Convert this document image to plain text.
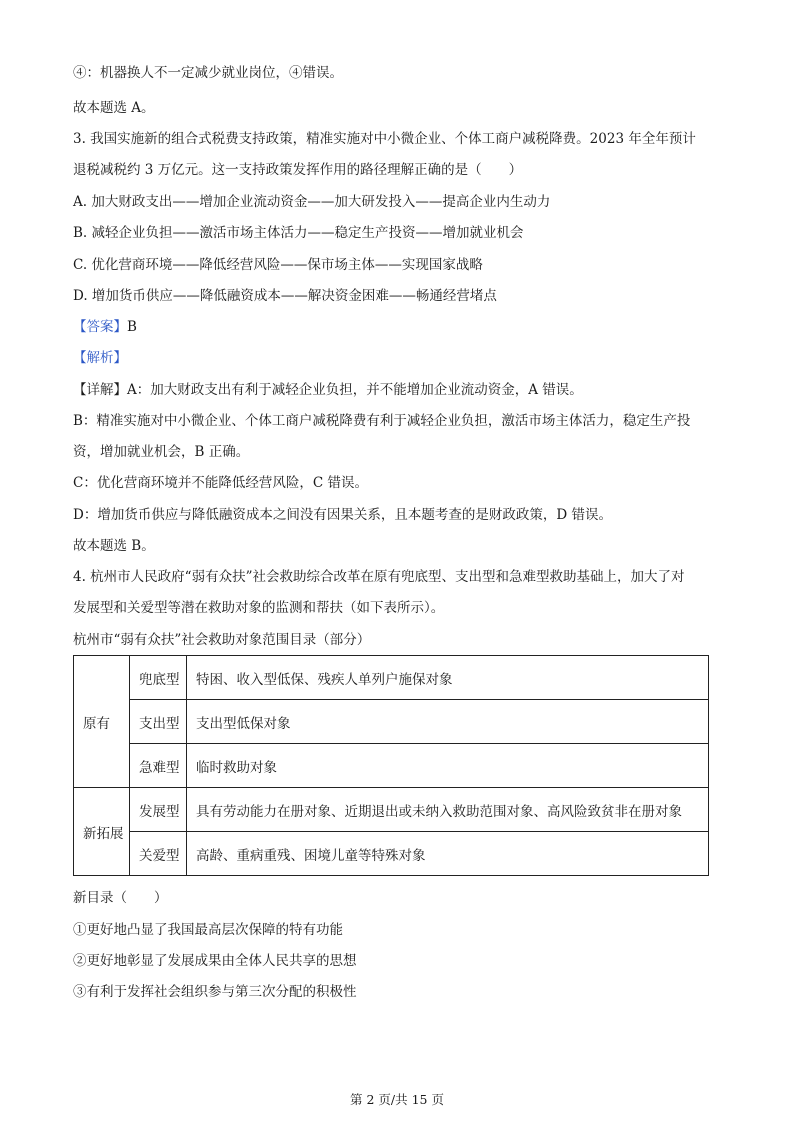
④：机器换人不一定减少就业岗位，④错误。
故本题选 A。
3. 我国实施新的组合式税费支持政策，精准实施对中小微企业、个体工商户减税降费。2023 年全年预计
退税减税约 3 万亿元。这一支持政策发挥作用的路径理解正确的是（　　）
A. 加大财政支出——增加企业流动资金——加大研发投入——提高企业内生动力
B. 减轻企业负担——激活市场主体活力——稳定生产投资——增加就业机会
C. 优化营商环境——降低经营风险——保市场主体——实现国家战略
D. 增加货币供应——降低融资成本——解决资金困难——畅通经营堵点
【答案】B
【解析】
【详解】A：加大财政支出有利于减轻企业负担，并不能增加企业流动资金，A 错误。
B：精准实施对中小微企业、个体工商户减税降费有利于减轻企业负担，激活市场主体活力，稳定生产投
资，增加就业机会，B 正确。
C：优化营商环境并不能降低经营风险，C 错误。
D：增加货币供应与降低融资成本之间没有因果关系，且本题考查的是财政政策，D 错误。
故本题选 B。
4. 杭州市人民政府“弱有众扶”社会救助综合改革在原有兜底型、支出型和急难型救助基础上，加大了对
发展型和关爱型等潜在救助对象的监测和帮扶（如下表所示）。
杭州市“弱有众扶”社会救助对象范围目录（部分）
原有	兜底型	特困、收入型低保、残疾人单列户施保对象
	支出型	支出型低保对象
	急难型	临时救助对象
新拓展	发展型	具有劳动能力在册对象、近期退出或未纳入救助范围对象、高风险致贫非在册对象
	关爱型	高龄、重病重残、困境儿童等特殊对象
新目录（　　）
①更好地凸显了我国最高层次保障的特有功能
②更好地彰显了发展成果由全体人民共享的思想
③有利于发挥社会组织参与第三次分配的积极性
第 2 页/共 15 页
